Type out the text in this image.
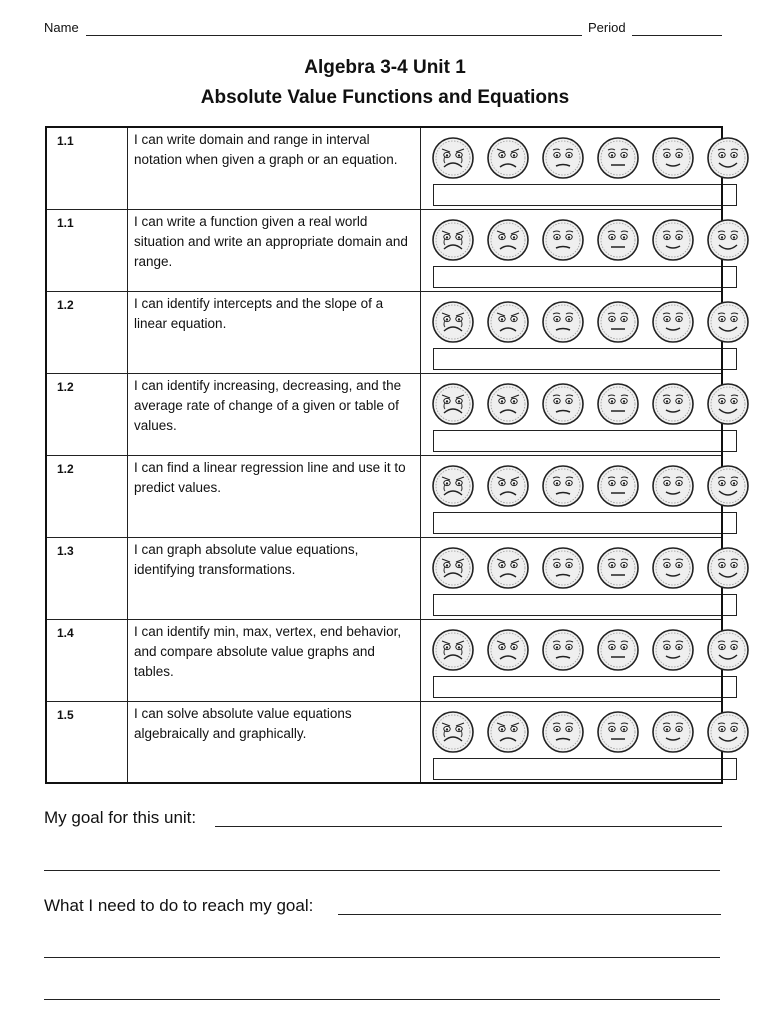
Name	Period
Algebra 3-4 Unit 1
Absolute Value Functions and Equations
1.1	I can write domain and range in interval notation when given a graph or an equation.	

1.1	I can write a function given a real world situation and write an appropriate domain and range.	

1.2	I can identify intercepts and the slope of a linear equation.	

1.2	I can identify increasing, decreasing, and the average rate of change of a given or table of values.	

1.2	I can find a linear regression line and use it to predict values.	

1.3	I can graph absolute value equations, identifying transformations.	

1.4	I can identify min, max, vertex, end behavior, and compare absolute value graphs and tables.	

1.5	I can solve absolute value equations algebraically and graphically.	
My goal for this unit:
What I need to do to reach my goal:
